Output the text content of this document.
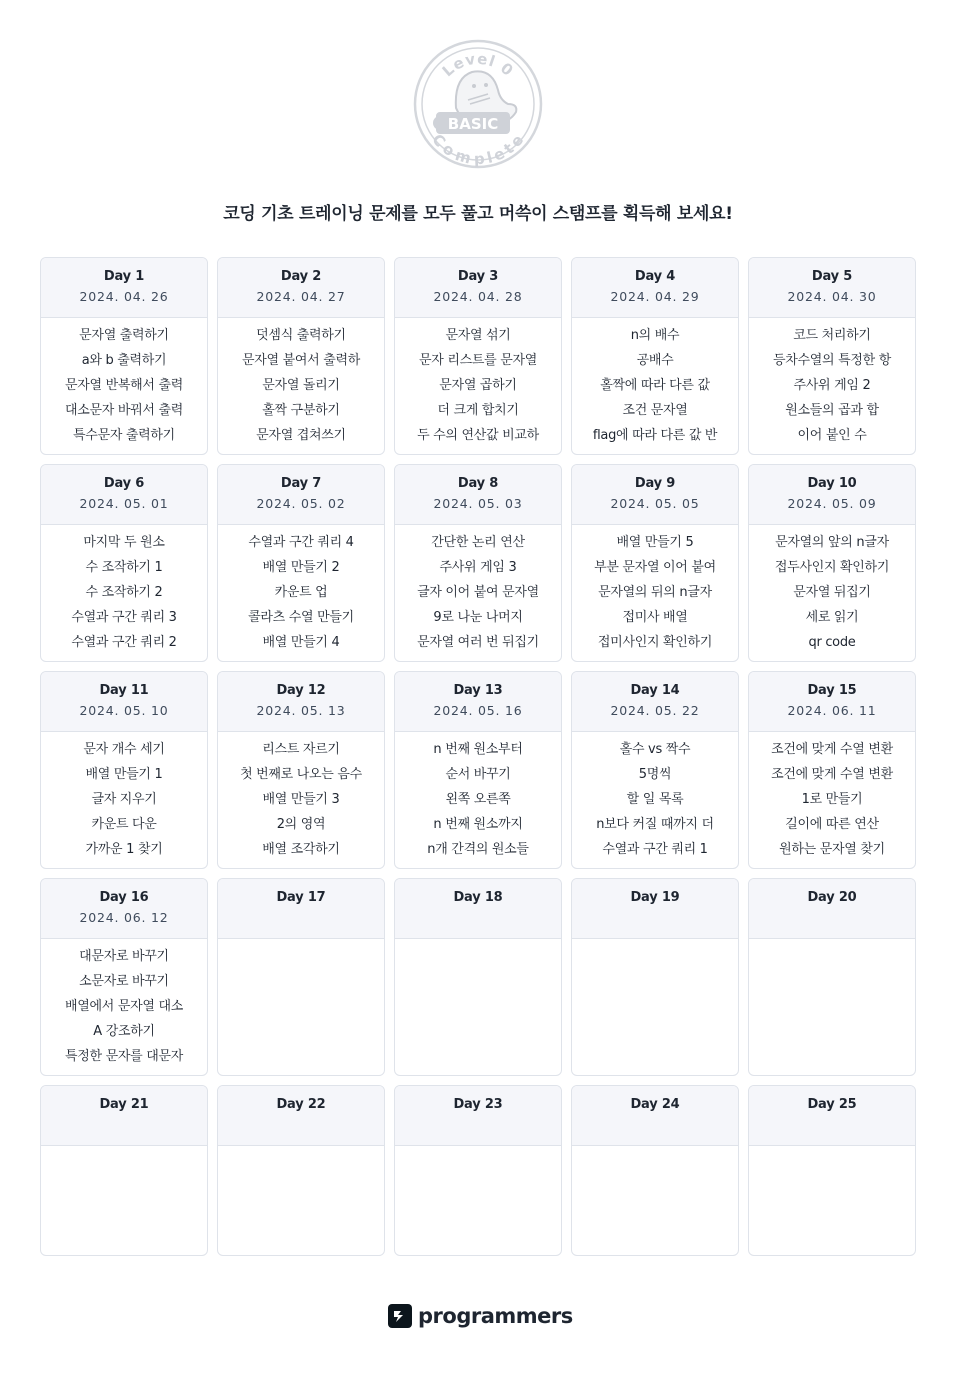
BASIC
Level 0
Complete
코딩 기초 트레이닝 문제를 모두 풀고 머쓱이 스탬프를 획득해 보세요!
Day 1
2024. 04. 26
문자열 출력하기
a와 b 출력하기
문자열 반복해서 출력
대소문자 바꿔서 출력
특수문자 출력하기
Day 2
2024. 04. 27
덧셈식 출력하기
문자열 붙여서 출력하
문자열 돌리기
홀짝 구분하기
문자열 겹쳐쓰기
Day 3
2024. 04. 28
문자열 섞기
문자 리스트를 문자열
문자열 곱하기
더 크게 합치기
두 수의 연산값 비교하
Day 4
2024. 04. 29
n의 배수
공배수
홀짝에 따라 다른 값
조건 문자열
flag에 따라 다른 값 반
Day 5
2024. 04. 30
코드 처리하기
등차수열의 특정한 항
주사위 게임 2
원소들의 곱과 합
이어 붙인 수
Day 6
2024. 05. 01
마지막 두 원소
수 조작하기 1
수 조작하기 2
수열과 구간 쿼리 3
수열과 구간 쿼리 2
Day 7
2024. 05. 02
수열과 구간 쿼리 4
배열 만들기 2
카운트 업
콜라츠 수열 만들기
배열 만들기 4
Day 8
2024. 05. 03
간단한 논리 연산
주사위 게임 3
글자 이어 붙여 문자열
9로 나눈 나머지
문자열 여러 번 뒤집기
Day 9
2024. 05. 05
배열 만들기 5
부분 문자열 이어 붙여
문자열의 뒤의 n글자
접미사 배열
접미사인지 확인하기
Day 10
2024. 05. 09
문자열의 앞의 n글자
접두사인지 확인하기
문자열 뒤집기
세로 읽기
qr code
Day 11
2024. 05. 10
문자 개수 세기
배열 만들기 1
글자 지우기
카운트 다운
가까운 1 찾기
Day 12
2024. 05. 13
리스트 자르기
첫 번째로 나오는 음수
배열 만들기 3
2의 영역
배열 조각하기
Day 13
2024. 05. 16
n 번째 원소부터
순서 바꾸기
왼쪽 오른쪽
n 번째 원소까지
n개 간격의 원소들
Day 14
2024. 05. 22
홀수 vs 짝수
5명씩
할 일 목록
n보다 커질 때까지 더
수열과 구간 쿼리 1
Day 15
2024. 06. 11
조건에 맞게 수열 변환
조건에 맞게 수열 변환
1로 만들기
길이에 따른 연산
원하는 문자열 찾기
Day 16
2024. 06. 12
대문자로 바꾸기
소문자로 바꾸기
배열에서 문자열 대소
A 강조하기
특정한 문자를 대문자
Day 17	Day 18	Day 19	Day 20
Day 21	Day 22	Day 23	Day 24	Day 25
programmers
